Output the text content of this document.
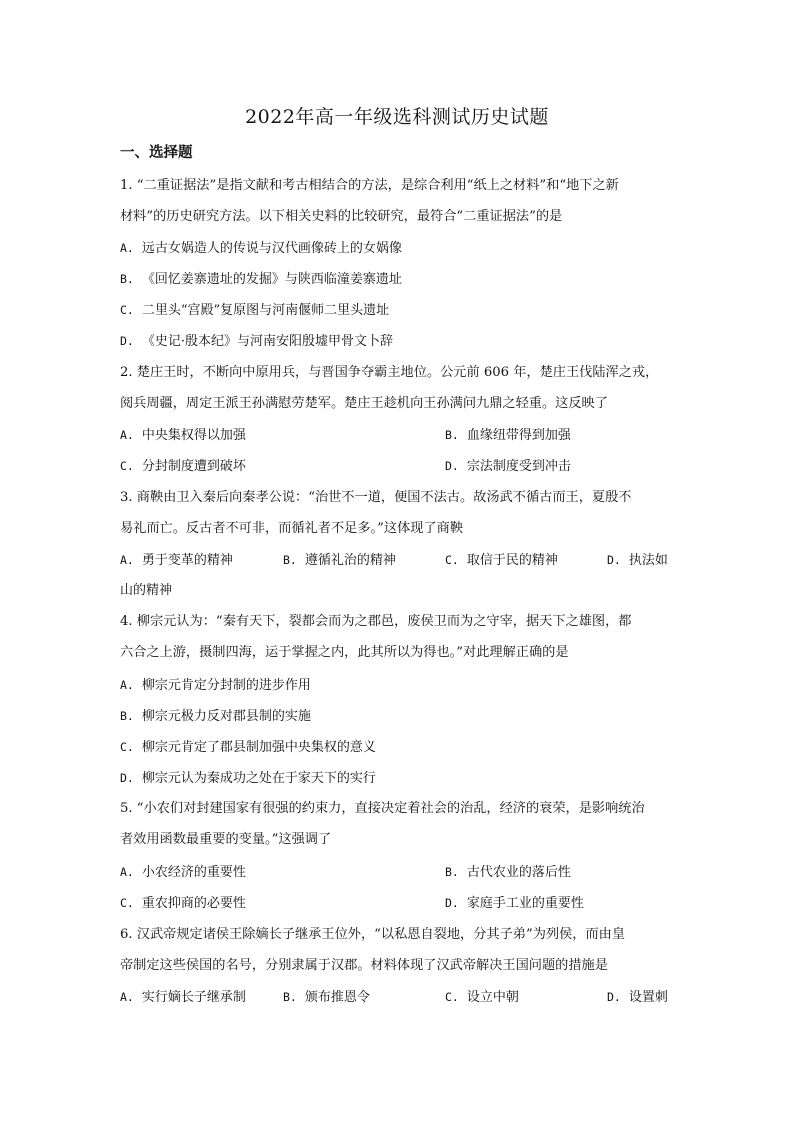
2022年高一年级选科测试历史试题
一、选择题
1. “二重证据法”是指文献和考古相结合的方法，是综合利用“纸上之材料”和“地下之新
材料”的历史研究方法。以下相关史料的比较研究，最符合“二重证据法”的是
A. 远古女娲造人的传说与汉代画像砖上的女娲像
B. 《回忆姜寨遗址的发掘》与陕西临潼姜寨遗址
C. 二里头“宫殿”复原图与河南偃师二里头遗址
D. 《史记·殷本纪》与河南安阳殷墟甲骨文卜辞
2. 楚庄王时，不断向中原用兵，与晋国争夺霸主地位。公元前 606 年，楚庄王伐陆浑之戎，
阅兵周疆，周定王派王孙满慰劳楚军。楚庄王趁机向王孙满问九鼎之轻重。这反映了
A. 中央集权得以加强	B. 血缘纽带得到加强
C. 分封制度遭到破坏	D. 宗法制度受到冲击
3. 商鞅由卫入秦后向秦孝公说：“治世不一道，便国不法古。故汤武不循古而王，夏殷不
易礼而亡。反古者不可非，而循礼者不足多。”这体现了商鞅
A. 勇于变革的精神	B. 遵循礼治的精神	C. 取信于民的精神	D. 执法如
山的精神
4. 柳宗元认为：“秦有天下，裂都会而为之郡邑，废侯卫而为之守宰，据天下之雄图，都
六合之上游，摄制四海，运于掌握之内，此其所以为得也。”对此理解正确的是
A. 柳宗元肯定分封制的进步作用
B. 柳宗元极力反对郡县制的实施
C. 柳宗元肯定了郡县制加强中央集权的意义
D. 柳宗元认为秦成功之处在于家天下的实行
5. “小农们对封建国家有很强的约束力，直接决定着社会的治乱，经济的衰荣，是影响统治
者效用函数最重要的变量。”这强调了
A. 小农经济的重要性	B. 古代农业的落后性
C. 重农抑商的必要性	D. 家庭手工业的重要性
6. 汉武帝规定诸侯王除嫡长子继承王位外，“以私恩自裂地，分其子弟”为列侯，而由皇
帝制定这些侯国的名号，分别隶属于汉郡。材料体现了汉武帝解决王国问题的措施是
A. 实行嫡长子继承制	B. 颁布推恩令	C. 设立中朝	D. 设置刺
